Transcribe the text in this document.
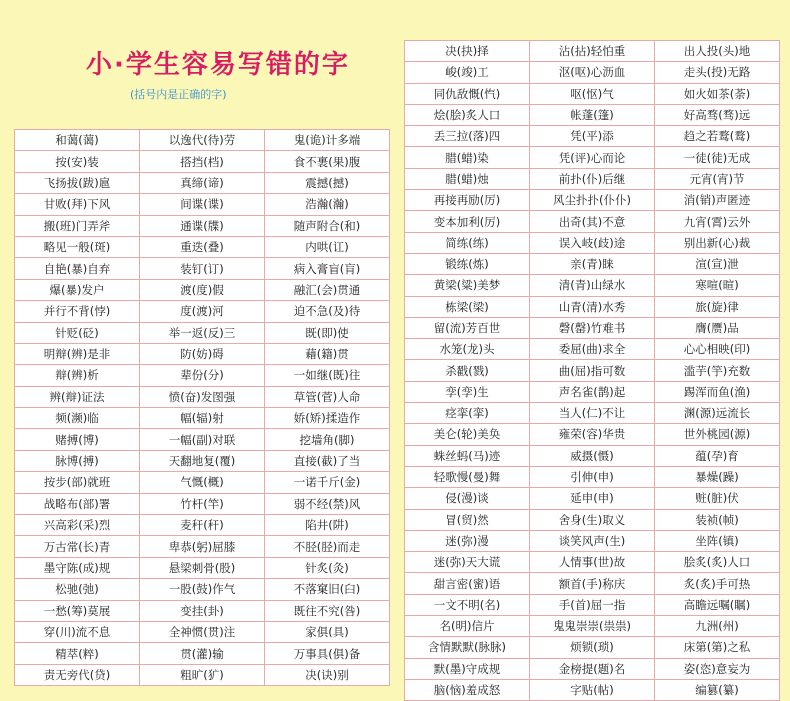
小·学生容易写错的字
(括号内是正确的字)
和蔼(蔼)	以逸代(待)劳	鬼(诡)计多端
按(安)装	搭挡(档)	食不裹(果)腹
飞扬拔(跋)扈	真缔(谛)	震撼(撼)
甘败(拜)下风	间谍(谍)	浩瀚(瀚)
搬(班)门弄斧	通谍(牒)	随声附合(和)
略见一般(斑)	重迭(叠)	内哄(讧)
自艳(暴)自弃	装钉(订)	病入膏盲(肓)
爆(暴)发户	渡(度)假	融汇(会)贯通
并行不背(悖)	度(渡)河	迫不急(及)待
针贬(砭)	举一返(反)三	既(即)使
明辩(辨)是非	防(妨)碍	藉(籍)贯
辩(辨)析	辈份(分)	一如继(既)往
辨(辩)证法	愤(奋)发图强	草管(菅)人命
频(濒)临	幅(辐)射	娇(矫)揉造作
赌搏(博)	一幅(副)对联	挖墙角(脚)
脉博(搏)	天翻地复(覆)	直接(截)了当
按步(部)就班	气慨(概)	一诺千斤(金)
战略布(部)署	竹杆(竿)	弱不经(禁)风
兴高彩(采)烈	麦秆(秆)	陷井(阱)
万古常(长)青	卑恭(躬)屈膝	不胫(胫)而走
墨守陈(成)规	悬梁刺骨(股)	针炙(灸)
松驰(弛)	一股(鼓)作气	不落窠旧(臼)
一愁(筹)莫展	变挂(卦)	既往不究(咎)
穿(川)流不息	全神惯(贯)注	家俱(具)
精萃(粹)	贯(灌)输	万事具(俱)备
责无旁代(贷)	粗旷(犷)	决(诀)别
决(抉)择	沾(拈)轻怕重	出人投(头)地
峻(竣)工	沤(呕)心沥血	走头(投)无路
同仇敌慨(忾)	呕(怄)气	如火如茶(荼)
烩(脍)炙人口	帐蓬(篷)	好高骛(骛)远
丢三拉(落)四	凭(平)添	趋之若鹜(鹜)
腊(蜡)染	凭(评)心而论	一徒(徒)无成
腊(蜡)烛	前扑(仆)后继	元宵(宵)节
再接再励(厉)	风尘扑扑(仆仆)	消(销)声匿迹
变本加利(厉)	出奇(其)不意	九宵(霄)云外
简练(练)	误入岐(歧)途	别出新(心)裁
锻练(炼)	亲(青)睐	渲(宣)泄
黄梁(粱)美梦	清(青)山绿水	寒喧(暄)
栋梁(梁)	山青(清)水秀	旅(旋)律
留(流)芳百世	磬(罄)竹难书	膺(赝)品
水笼(龙)头	委屈(曲)求全	心心相映(印)
杀戳(戮)	曲(屈)指可数	滥芋(竽)充数
孪(孪)生	声名雀(鹊)起	踢浑而鱼(渔)
痉挛(挛)	当人(仁)不让	渊(源)远流长
美仑(轮)美奂	雍荣(容)华贵	世外桃园(源)
蛛丝蚂(马)迹	威摄(慑)	蕴(孕)育
轻歌慢(曼)舞	引伸(申)	暴燥(躁)
侵(漫)谈	延申(申)	赃(脏)伏
冒(贸)然	舍身(生)取义	装祯(帧)
迷(弥)漫	谈笑风声(生)	坐阵(镇)
迷(弥)天大谎	人情事(世)故	脍炙(炙)人口
甜言密(蜜)语	额首(手)称庆	炙(炙)手可热
一文不明(名)	手(首)屈一指	高瞻远嘱(瞩)
名(明)信片	鬼鬼崇崇(祟祟)	九洲(州)
含情默默(脉脉)	烦锁(琐)	床第(第)之私
默(墨)守成规	金榜提(题)名	姿(恣)意妄为
脑(恼)羞成怒	字贴(帖)	编篡(纂)
